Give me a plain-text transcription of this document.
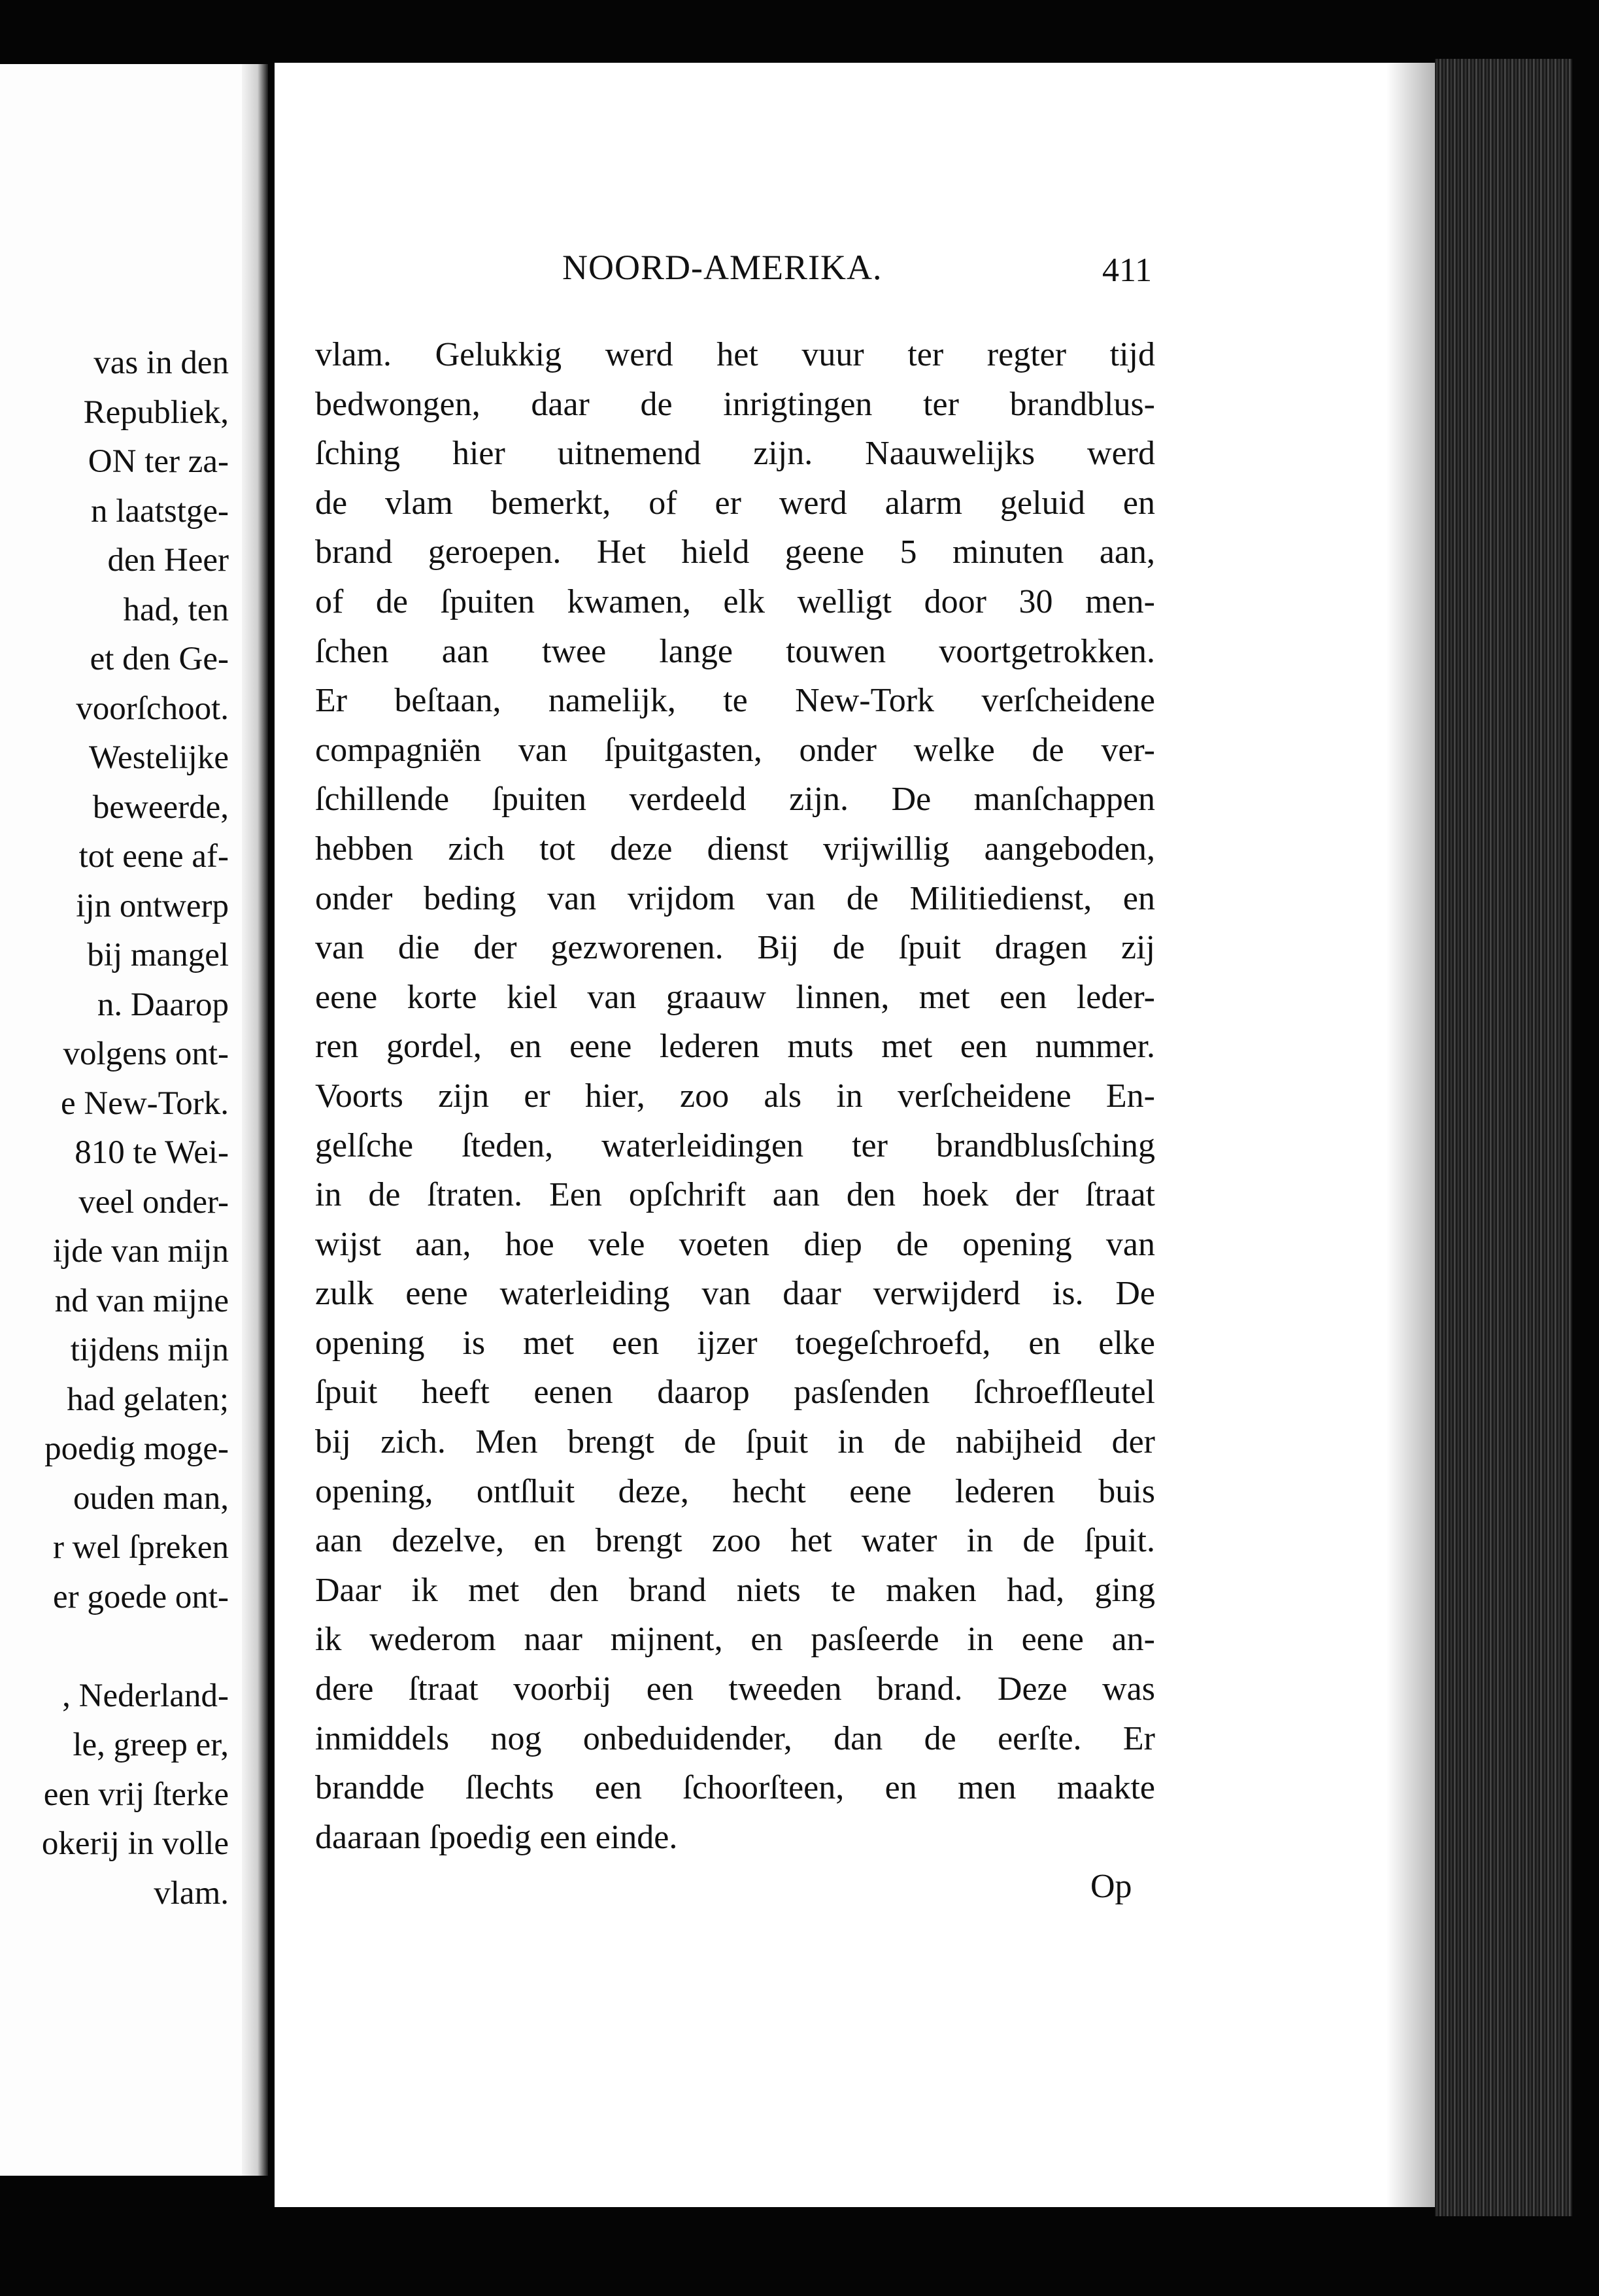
vas in den
Republiek,
ON ter za-
n laatstge-
den Heer
had, ten
et den Ge-
voorſchoot.
Westelijke
beweerde,
tot eene af-
ijn ontwerp
bij mangel
n. Daarop
volgens ont-
e New-Tork.
810 te Wei-
veel onder-
ijde van mijn
nd van mijne
tijdens mijn
had gelaten;
poedig moge-
ouden man,
r wel ſpreken
er goede ont-
, Nederland-
le, greep er,
een vrij ſterke
okerij in volle
vlam.
NOORD-AMERIKA.	411
vlam. Gelukkig werd het vuur ter regter tijd
bedwongen, daar de inrigtingen ter brandblus-
ſching hier uitnemend zijn. Naauwelijks werd
de vlam bemerkt, of er werd alarm geluid en
brand geroepen. Het hield geene 5 minuten aan,
of de ſpuiten kwamen, elk welligt door 30 men-
ſchen aan twee lange touwen voortgetrokken.
Er beſtaan, namelijk, te New-Tork verſcheidene
compagniën van ſpuitgasten, onder welke de ver-
ſchillende ſpuiten verdeeld zijn. De manſchappen
hebben zich tot deze dienst vrijwillig aangeboden,
onder beding van vrijdom van de Militiedienst, en
van die der gezworenen. Bij de ſpuit dragen zij
eene korte kiel van graauw linnen, met een leder-
ren gordel, en eene lederen muts met een nummer.
Voorts zijn er hier, zoo als in verſcheidene En-
gelſche ſteden, waterleidingen ter brandblusſching
in de ſtraten. Een opſchrift aan den hoek der ſtraat
wijst aan, hoe vele voeten diep de opening van
zulk eene waterleiding van daar verwijderd is. De
opening is met een ijzer toegeſchroefd, en elke
ſpuit heeft eenen daarop pasſenden ſchroefſleutel
bij zich. Men brengt de ſpuit in de nabijheid der
opening, ontſluit deze, hecht eene lederen buis
aan dezelve, en brengt zoo het water in de ſpuit.
Daar ik met den brand niets te maken had, ging
ik wederom naar mijnent, en pasſeerde in eene an-
dere ſtraat voorbij een tweeden brand. Deze was
inmiddels nog onbeduidender, dan de eerſte. Er
brandde ſlechts een ſchoorſteen, en men maakte
daaraan ſpoedig een einde.
Op
